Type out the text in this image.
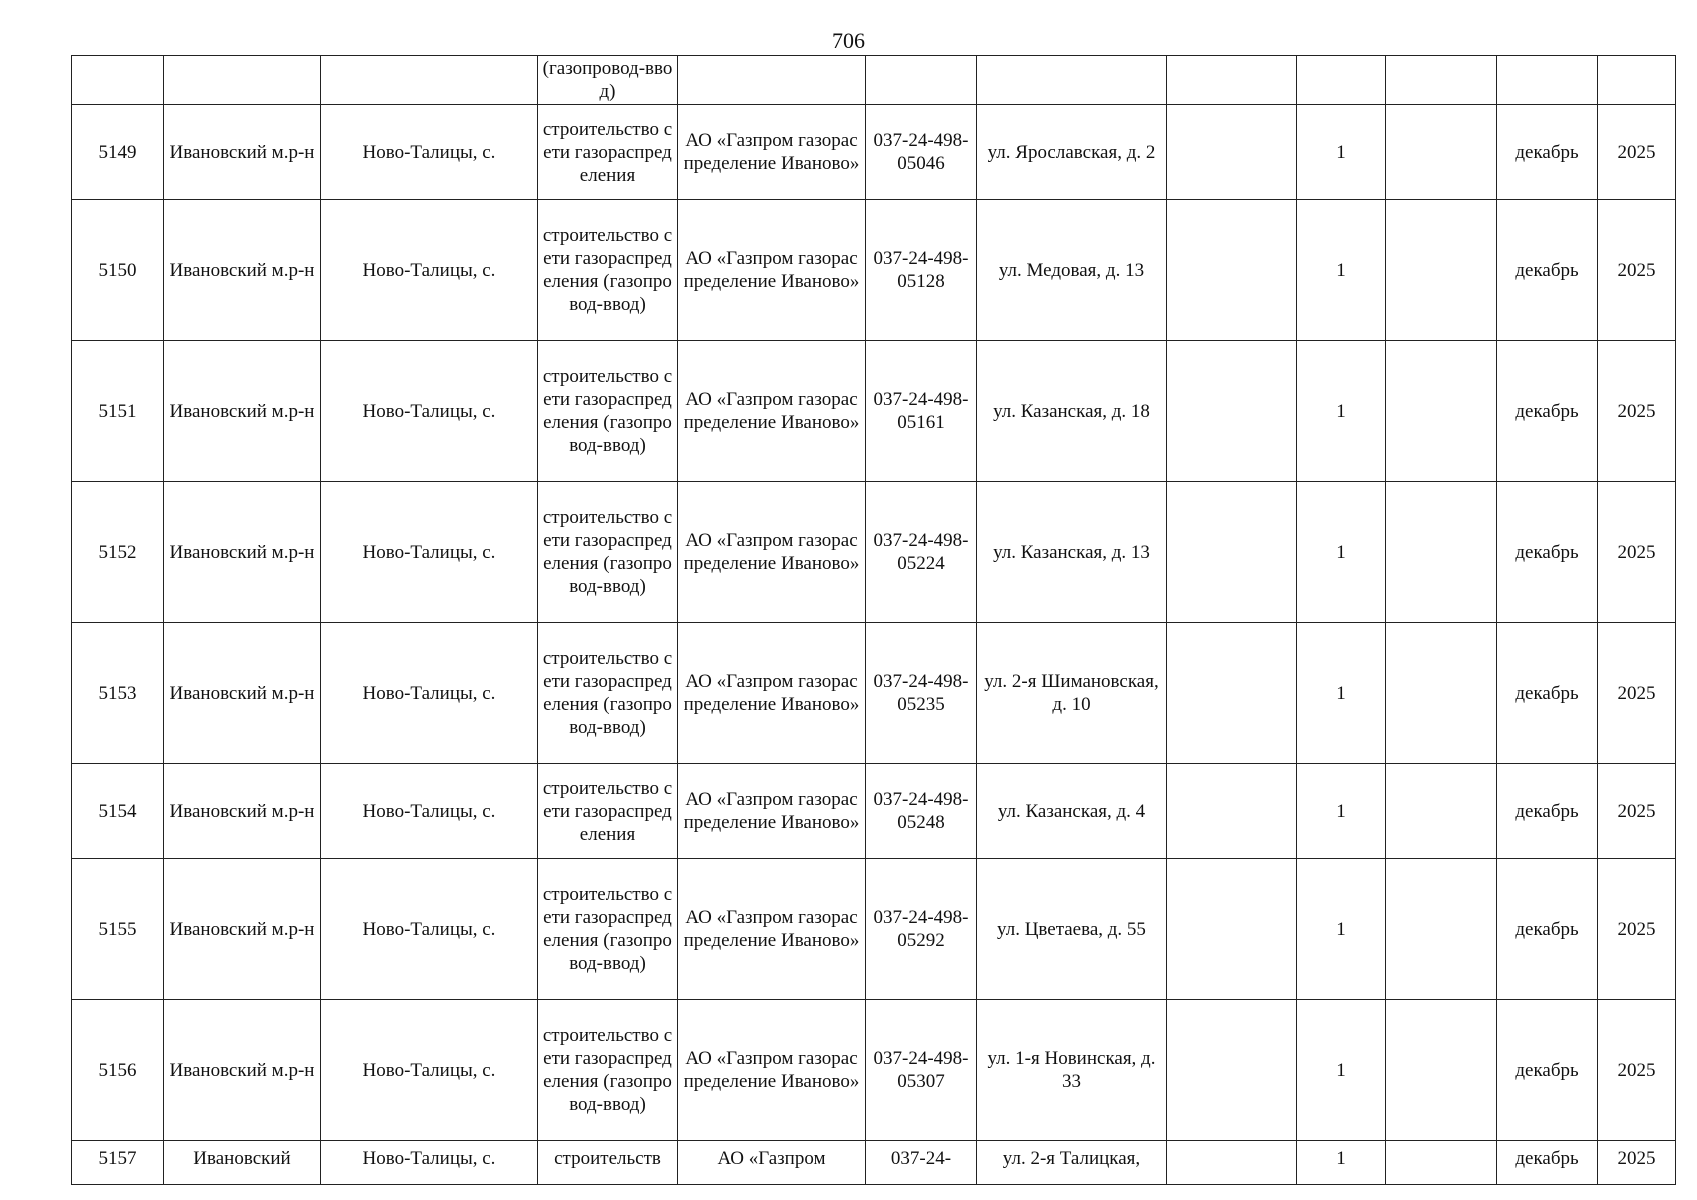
706
			(газопровод-ввод)								
5149	Ивановский м.р-н	Ново-Талицы, с.	строительство сети газораспределения	АО «Газпром газораспределение Иваново»	037-24-498-05046	ул. Ярославская, д. 2		1		декабрь	2025
5150	Ивановский м.р-н	Ново-Талицы, с.	строительство сети газораспределения (газопровод-ввод)	АО «Газпром газораспределение Иваново»	037-24-498-05128	ул. Медовая, д. 13		1		декабрь	2025
5151	Ивановский м.р-н	Ново-Талицы, с.	строительство сети газораспределения (газопровод-ввод)	АО «Газпром газораспределение Иваново»	037-24-498-05161	ул. Казанская, д. 18		1		декабрь	2025
5152	Ивановский м.р-н	Ново-Талицы, с.	строительство сети газораспределения (газопровод-ввод)	АО «Газпром газораспределение Иваново»	037-24-498-05224	ул. Казанская, д. 13		1		декабрь	2025
5153	Ивановский м.р-н	Ново-Талицы, с.	строительство сети газораспределения (газопровод-ввод)	АО «Газпром газораспределение Иваново»	037-24-498-05235	ул. 2-я Шимановская, д. 10		1		декабрь	2025
5154	Ивановский м.р-н	Ново-Талицы, с.	строительство сети газораспределения	АО «Газпром газораспределение Иваново»	037-24-498-05248	ул. Казанская, д. 4		1		декабрь	2025
5155	Ивановский м.р-н	Ново-Талицы, с.	строительство сети газораспределения (газопровод-ввод)	АО «Газпром газораспределение Иваново»	037-24-498-05292	ул. Цветаева, д. 55		1		декабрь	2025
5156	Ивановский м.р-н	Ново-Талицы, с.	строительство сети газораспределения (газопровод-ввод)	АО «Газпром газораспределение Иваново»	037-24-498-05307	ул. 1-я Новинская, д. 33		1		декабрь	2025
5157	Ивановский	Ново-Талицы, с.	строительств	АО «Газпром	037-24-	ул. 2-я Талицкая,		1		декабрь	2025
